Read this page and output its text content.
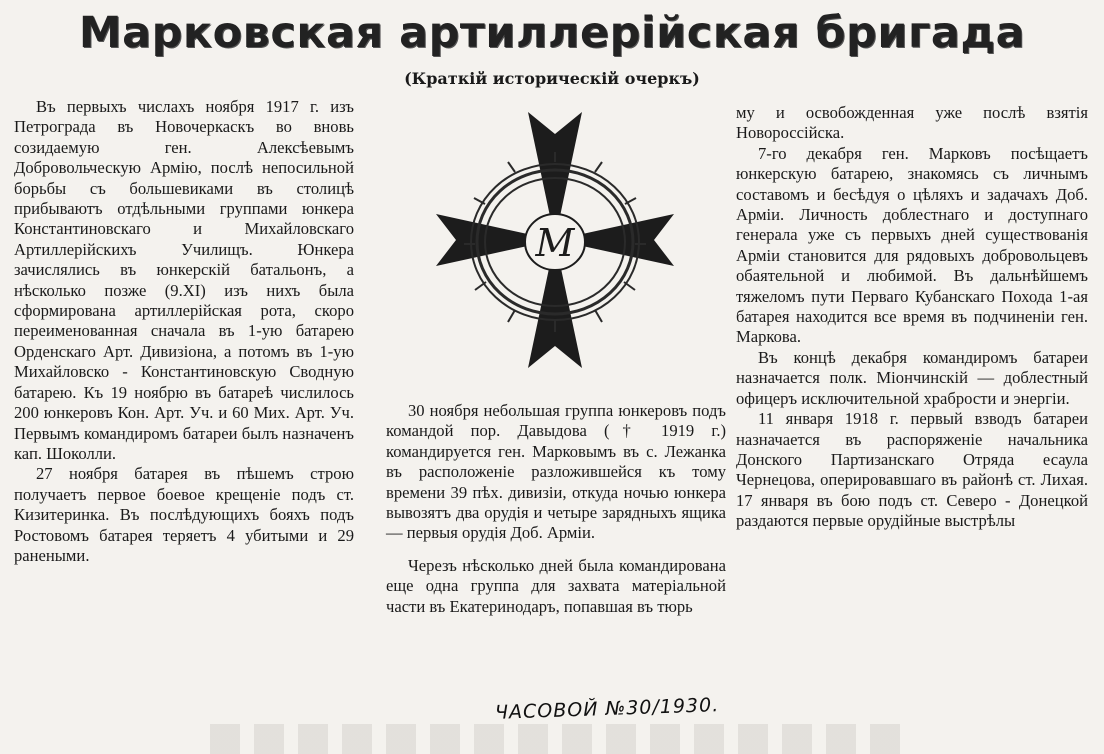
Марковская артиллерійская бригада
(Краткій историческій очеркъ)

Въ первыхъ числахъ ноября 1917 г. изъ Петрограда въ Новочеркаскъ во вновь созидаемую ген. Алексѣевымъ Добровольческую Армію, послѣ непосильной борьбы съ большевиками въ столицѣ прибываютъ отдѣльными группами юнкера Константиновскаго и Михайловскаго Артиллерійскихъ Училищъ. Юнкера зачислялись въ юнкерскій батальонъ, а нѣсколько позже (9.XI) изъ нихъ была сформирована артиллерійская рота, скоро переименованная сначала въ 1-ую батарею Орденскаго Арт. Дивизіона, а потомъ въ 1-ую Михайловско - Константиновскую Сводную батарею. Къ 19 ноябрю въ батареѣ числилось 200 юнкеровъ Кон. Арт. Уч. и 60 Мих. Арт. Уч. Первымъ командиромъ батареи былъ назначенъ кап. Шоколли.

27 ноября батарея въ пѣшемъ строю получаетъ первое боевое крещеніе подъ ст. Кизитеринка. Въ послѣдующихъ бояхъ подъ Ростовомъ батарея теряетъ 4 убитыми и 29 ранеными.

М

30 ноября небольшая группа юнкеровъ подъ командой пор. Давыдова († 1919 г.) командируется ген. Марковымъ въ с. Лежанка въ расположеніе разложившейся къ тому времени 39 пѣх. дивизіи, откуда ночью юнкера вывозятъ два орудія и четыре зарядныхъ ящика — первыя орудія Доб. Арміи.

Черезъ нѣсколько дней была командирована еще одна группа для захвата матеріальной части въ Екатеринодаръ, попавшая въ тюрь

му и освобожденная уже послѣ взятія Новороссійска.

7-го декабря ген. Марковъ посѣщаетъ юнкерскую батарею, знакомясь съ личнымъ составомъ и бесѣдуя о цѣляхъ и задачахъ Доб. Арміи. Личность доблестнаго и доступнаго генерала уже съ первыхъ дней существованія Арміи становится для рядовыхъ добровольцевъ обаятельной и любимой. Въ дальнѣйшемъ тяжеломъ пути Перваго Кубанскаго Похода 1-ая батарея находится все время въ подчиненіи ген. Маркова.

Въ концѣ декабря командиромъ батареи назначается полк. Міончинскій — доблестный офицеръ исключительной храбрости и энергіи.

11 января 1918 г. первый взводъ батареи назначается въ распоряженіе начальника Донского Партизанскаго Отряда есаула Чернецова, оперировавшаго въ районѣ ст. Лихая. 17 января въ бою подъ ст. Северо - Донецкой раздаются первые орудійные выстрѣлы

ЧАСОВОЙ №30/1930.
